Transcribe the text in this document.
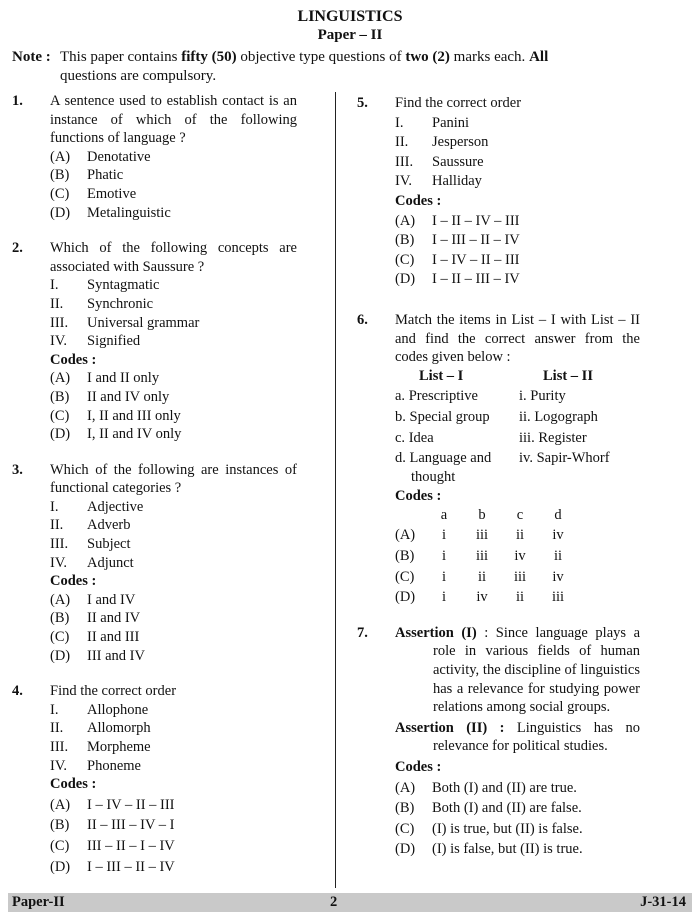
LINGUISTICS
Paper – II
Note : This paper contains fifty (50) objective type questions of two (2) marks each. All
questions are compulsory.
1. A sentence used to establish contact is an instance of which of the following functions of language ?
(A)	Denotative
(B)	Phatic
(C)	Emotive
(D)	Metalinguistic
2. Which of the following concepts are associated with Saussure ?
I.	Syntagmatic
II.	Synchronic
III.	Universal grammar
IV.	Signified
Codes :
(A)	I and II only
(B)	II and IV only
(C)	I, II and III only
(D)	I, II and IV only
3. Which of the following are instances of functional categories ?
I.	Adjective
II.	Adverb
III.	Subject
IV.	Adjunct
Codes :
(A)	I and IV
(B)	II and IV
(C)	II and III
(D)	III and IV
4. Find the correct order
I.	Allophone
II.	Allomorph
III.	Morpheme
IV.	Phoneme
Codes :
(A)	I – IV – II – III
(B)	II – III – IV – I
(C)	III – II – I – IV
(D)	I – III – II – IV
5. Find the correct order
I.	Panini
II.	Jesperson
III.	Saussure
IV.	Halliday
Codes :
(A)	I – II – IV – III
(B)	I – III – II – IV
(C)	I – IV – II – III
(D)	I – II – III – IV
6. Match the items in List – I with List – II and find the correct answer from the codes given below :
List – I	List – II
a. Prescriptive	i. Purity
b. Special group	ii. Logograph
c. Idea	iii. Register
d. Language and	iv. Sapir-Whorf
thought
Codes :
a	b	c	d
(A)	i	iii	ii	iv
(B)	i	iii	iv	ii
(C)	i	ii	iii	iv
(D)	i	iv	ii	iii
7. Assertion (I) : Since language plays a role in various fields of human activity, the discipline of linguistics has a relevance for studying power relations among social groups.
Assertion (II) : Linguistics has no relevance for political studies.
Codes :
(A)	Both (I) and (II) are true.
(B)	Both (I) and (II) are false.
(C)	(I) is true, but (II) is false.
(D)	(I) is false, but (II) is true.
Paper-II	2	J-31-14
